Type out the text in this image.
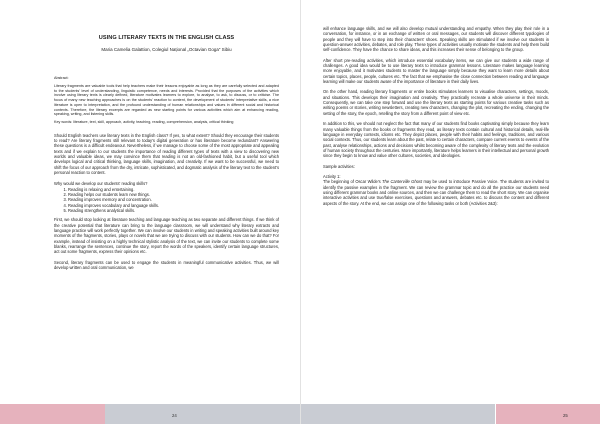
USING LITERARY TEXTS IN THE ENGLISH CLASS
Maria Camelia Galattion, Colegiul Național „Octavian Goga” Sibiu

Abstract:

Literary fragments are valuable tools that help teachers make their lessons enjoyable as long as they are carefully selected and adapted to the students' level of understanding, linguistic competence, needs and interests. Provided that the purposes of the activities which involve using literary texts is clearly defined, literature motivates learners to explore, to analyse, to ask, to discuss, or to criticise. The focus of many new teaching approaches is on the students' reaction to content, the development of students' interpretative skills, a nice literature is open to interpretation, and the profound understanding of human relationships and values in different social and historical contexts. Therefore, the literary excerpts are regarded as new starting points for various activities which aim at enhancing reading, speaking, writing, and listening skills.

Key words: literature, text, skill, approach, activity, teaching, reading, comprehension, analysis, critical thinking

Should English teachers use literary texts in the English class? If yes, to what extent? Should they encourage their students to read? Are literary fragments still relevant to today's digital generation or has literature become redundant? Answering these questions is a difficult endeavour. Nevertheless, if we manage to choose some of the most appropriate and appealing texts and if we explain to our students the importance of reading different types of texts with a view to discovering new worlds and valuable ideas, we may convince them that reading is not an old-fashioned habit, but a useful tool which develops logical and critical thinking, language skills, imagination, and creativity. If we want to be successful, we need to shift the focus of our approach from the dry, intricate, sophisticated, and dogmatic analysis of the literary text to the student's personal reaction to content.

Why would we develop our students' reading skills?

1. Reading is relaxing and entertaining.
2. Reading helps our students learn new things.
3. Reading improves memory and concentration.
4. Reading improves vocabulary and language skills.
5. Reading strengthens analytical skills.

First, we should stop looking at literature teaching and language teaching as two separate and different things. If we think of the creative potential that literature can bring to the language classroom, we will understand why literary extracts and language practice will work perfectly together. We can involve our students in writing and speaking activities built around key moments of the fragments, stories, plays or novels that we are trying to discuss with our students. How can we do that? For example, instead of insisting on a highly technical stylistic analysis of the text, we can invite our students to complete some blanks, rearrange the sentences, continue the story, report the words of the speakers, identify certain language structures, act out some fragments, express their opinions etc.

Second, literary fragments can be used to engage the students in meaningful communicative activities. Thus, we will develop written and oral communication, we

24

will enhance language skills, and we will also develop mutual understanding and empathy. When they play their role in a conversation, for instance, or in an exchange of written or oral messages, our students will discover different typologies of people and they will have to step into their characters' shoes. Speaking skills are stimulated if we involve our students in question-answer activities, debates, and role play. These types of activities usually motivate the students and help them build self-confidence. They have the chance to share ideas, and this increases their sense of belonging to the group.

After short pre-reading activities, which introduce essential vocabulary items, we can give our students a wide range of challenges. A good idea would be to use literary texts to introduce grammar lessons. Literature makes language learning more enjoyable, and it motivates students to master the language simply because they want to learn more details about certain topics, places, people, cultures etc. The fact that we emphasise the close connection between reading and language learning will make our students aware of the importance of literature in their daily lives.

On the other hand, reading literary fragments or entire books stimulates learners to visualise characters, settings, moods, and situations. This develops their imagination and creativity. They practically recreate a whole universe in their minds. Consequently, we can take one step forward and use the literary texts as starting points for various creative tasks such as writing poems or stories, writing newsletters, creating new characters, changing the plot, recreating the ending, changing the setting of the story, the epoch, retelling the story from a different point of view etc.

In addition to this, we should not neglect the fact that many of our students find books captivating simply because they learn many valuable things from the books or fragments they read, as literary texts contain cultural and historical details, real-life language in everyday contexts, idioms etc. They depict places, people with their habits and feelings, traditions, and various social contexts. Thus, our students learn about the past, relate to certain characters, compare current events to events of the past, analyse relationships, actions and decisions whilst becoming aware of the complexity of literary texts and the evolution of human society throughout the centuries. More importantly, literature helps learners in their intellectual and personal growth since they begin to know and value other cultures, societies, and ideologies.

Sample activities:

Activity 1:

The beginning of Oscar Wilde's The Canterville Ghost may be used to introduce Passive Voice. The students are invited to identify the passive examples in the fragment. We can review the grammar topic and do all the practice our students need using different grammar books and online sources, and then we can challenge them to read the short story. We can organise interactive activities and use true/false exercises, questions and answers, debates etc. to discuss the content and different aspects of the story. At the end, we can assign one of the following tasks or both (Activities 2&3):

25
